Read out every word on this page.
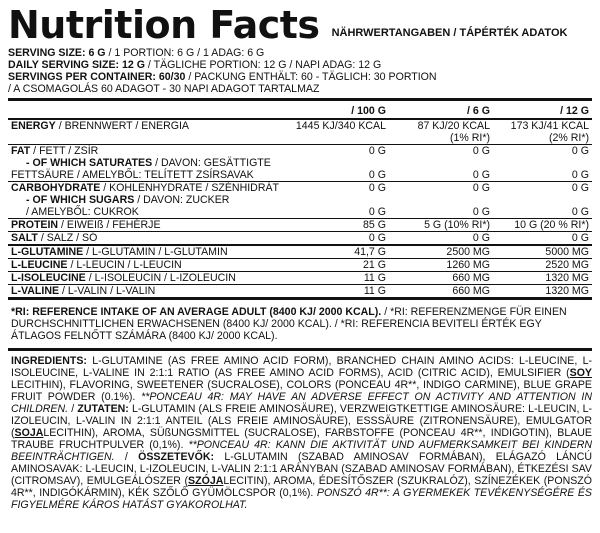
Nutrition Facts NÄHRWERTANGABEN / TÁPÉRTÉK ADATOK
SERVING SIZE: 6 G / 1 PORTION: 6 G / 1 ADAG: 6 G
DAILY SERVING SIZE: 12 G / TÄGLICHE PORTION: 12 G / NAPI ADAG: 12 G
SERVINGS PER CONTAINER: 60/30 / PACKUNG ENTHÄLT: 60 - TÄGLICH: 30 PORTION
/ A CSOMAGOLÁS 60 ADAGOT - 30 NAPI ADAGOT TARTALMAZ
	/ 100 G	/ 6 G	/ 12 G
ENERGY / BRENNWERT / ENERGIA	1445 KJ/340 KCAL	87 KJ/20 KCAL	173 KJ/41 KCAL
		(1% RI*)	(2% RI*)
FAT / FETT / ZSÍR	0 G	0 G	0 G
- OF WHICH SATURATES / DAVON: GESÄTTIGTE			
FETTSÄURE / AMELYBŐL: TELÍTETT ZSÍRSAVAK	0 G	0 G	0 G
CARBOHYDRATE / KOHLENHYDRATE / SZÉNHIDRÁT	0 G	0 G	0 G
- OF WHICH SUGARS / DAVON: ZUCKER			
/ AMELYBŐL: CUKROK	0 G	0 G	0 G
PROTEIN / EIWEIß / FEHÉRJE	85 G	5 G (10% RI*)	10 G (20 % RI*)
SALT / SALZ / SÓ	0 G	0 G	0 G
L-GLUTAMINE / L-GLUTAMIN / L-GLUTAMIN	41,7 G	2500 MG	5000 MG
L-LEUCINE / L-LEUCIN / L-LEUCIN	21 G	1260 MG	2520 MG
L-ISOLEUCINE / L-ISOLEUCIN / L-IZOLEUCIN	11 G	660 MG	1320 MG
L-VALINE / L-VALIN / L-VALIN	11 G	660 MG	1320 MG
*RI: REFERENCE INTAKE OF AN AVERAGE ADULT (8400 KJ/ 2000 KCAL). / *RI: REFERENZMENGE FÜR EINEN DURCHSCHNITTLICHEN ERWACHSENEN (8400 KJ/ 2000 KCAL). / *RI: REFERENCIA BEVITELI ÉRTÉK EGY ÁTLAGOS FELNŐTT SZÁMÁRA (8400 KJ/ 2000 KCAL).
INGREDIENTS: L-GLUTAMINE (AS FREE AMINO ACID FORM), BRANCHED CHAIN AMINO ACIDS: L-LEUCINE, L-ISOLEUCINE, L-VALINE IN 2:1:1 RATIO (AS FREE AMINO ACID FORMS), ACID (CITRIC ACID), EMULSIFIER (SOY LECITHIN), FLAVORING, SWEETENER (SUCRALOSE), COLORS (PONCEAU 4R**, INDIGO CARMINE), BLUE GRAPE FRUIT POWDER (0.1%). **PONCEAU 4R: MAY HAVE AN ADVERSE EFFECT ON ACTIVITY AND ATTENTION IN CHILDREN. / ZUTATEN: L-GLUTAMIN (ALS FREIE AMINOSÄURE), VERZWEIGTKETTIGE AMINOSÄURE: L-LEUCIN, L-IZOLEUCIN, L-VALIN IN 2:1:1 ANTEIL (ALS FREIE AMINOSÄURE), ESSSÄURE (ZITRONENSÄURE), EMULGATOR (SOJALECITHIN), AROMA, SÜßUNGSMITTEL (SUCRALOSE), FARBSTOFFE (PONCEAU 4R**, INDIGOTIN), BLAUE TRAUBE FRUCHTPULVER (0,1%). **PONCEAU 4R: KANN DIE AKTIVITÄT UND AUFMERKSAMKEIT BEI KINDERN BEEINTRÄCHTIGEN. / ÖSSZETEVŐK: L-GLUTAMIN (SZABAD AMINOSAV FORMÁBAN), ELÁGAZÓ LÁNCÚ AMINOSAVAK: L-LEUCIN, L-IZOLEUCIN, L-VALIN 2:1:1 ARÁNYBAN (SZABAD AMINOSAV FORMÁBAN), ÉTKEZÉSI SAV (CITROMSAV), EMULGEÁLÓSZER (SZÓJALECITIN), AROMA, ÉDESÍTŐSZER (SZUKRALÓZ), SZÍNEZÉKEK (PONSZÓ 4R**, INDIGÓKÁRMIN), KÉK SZŐLŐ GYÜMÖLCSPOR (0,1%). PONSZÓ 4R**: A GYERMEKEK TEVÉKENYSÉGÉRE ÉS FIGYELMÉRE KÁROS HATÁST GYAKOROLHAT.
